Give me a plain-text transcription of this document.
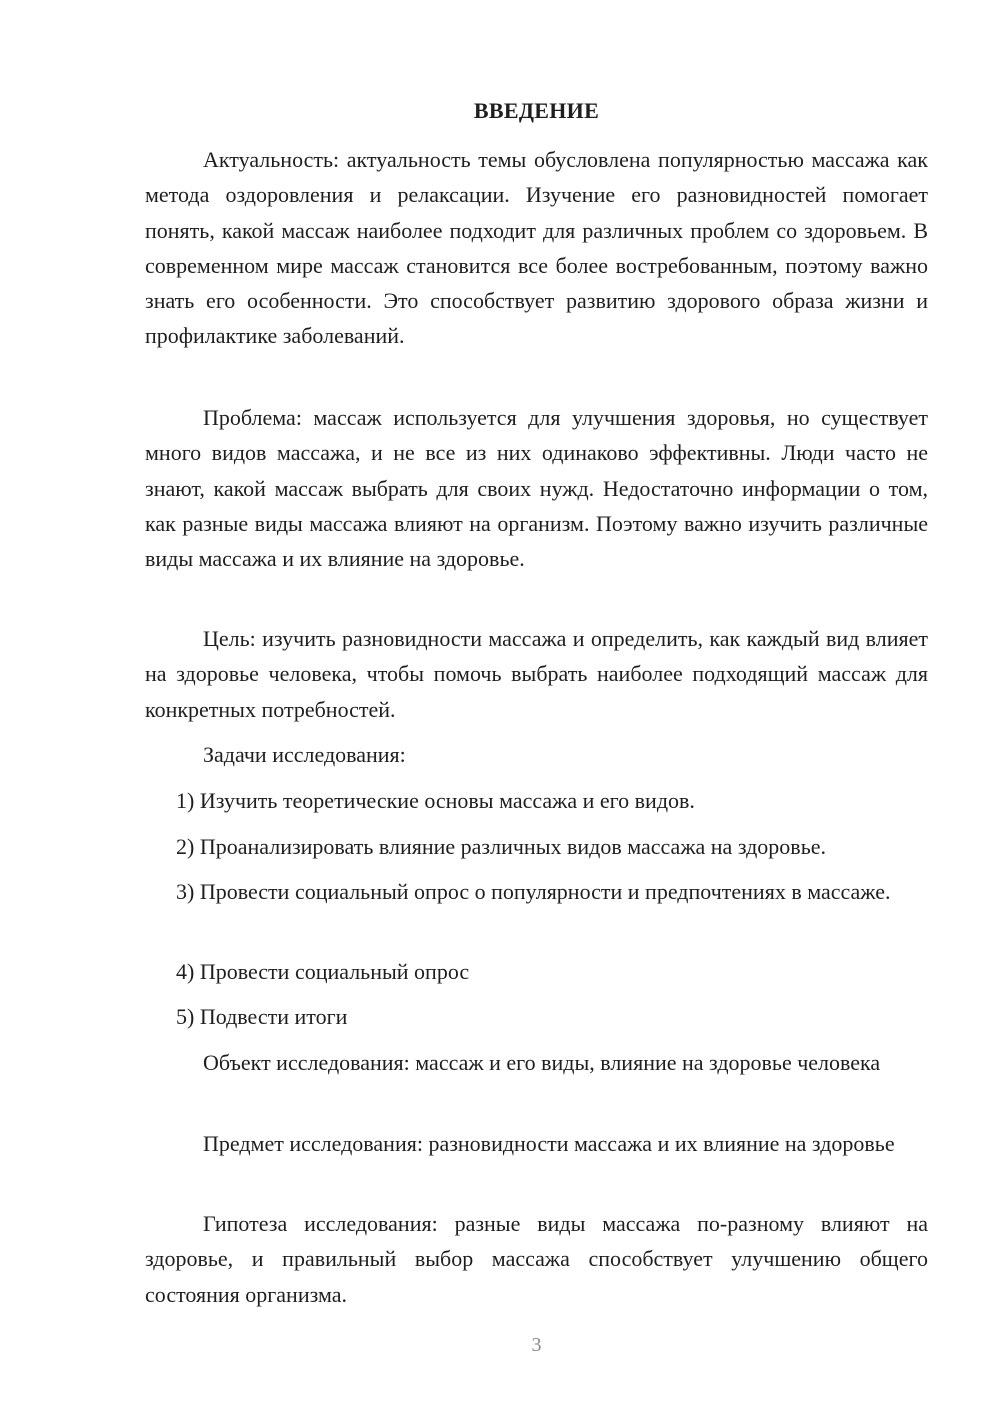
ВВЕДЕНИЕ

Актуальность: актуальность темы обусловлена популярностью массажа как метода оздоровления и релаксации. Изучение его разновидностей помогает понять, какой массаж наиболее подходит для различных проблем со здоровьем. В современном мире массаж становится все более востребованным, поэтому важно знать его особенности. Это способствует развитию здорового образа жизни и профилактике заболеваний.

Проблема: массаж используется для улучшения здоровья, но существует много видов массажа, и не все из них одинаково эффективны. Люди часто не знают, какой массаж выбрать для своих нужд. Недостаточно информации о том, как разные виды массажа влияют на организм. Поэтому важно изучить различные виды массажа и их влияние на здоровье.

Цель: изучить разновидности массажа и определить, как каждый вид влияет на здоровье человека, чтобы помочь выбрать наиболее подходящий массаж для конкретных потребностей.

Задачи исследования:

1) Изучить теоретические основы массажа и его видов.

2) Проанализировать влияние различных видов массажа на здоровье.

3) Провести социальный опрос о популярности и предпочтениях в массаже.

4) Провести социальный опрос

5) Подвести итоги

Объект исследования: массаж и его виды, влияние на здоровье человека

Предмет исследования: разновидности массажа и их влияние на здоровье

Гипотеза исследования: разные виды массажа по-разному влияют на здоровье, и правильный выбор массажа способствует улучшению общего состояния организма.

3
